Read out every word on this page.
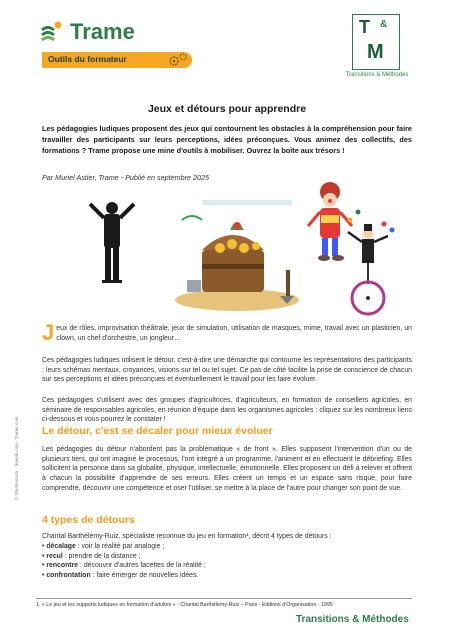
Trame
Outils du formateur
T &
M
Transitions & Méthodes
Jeux et détours pour apprendre
Les pédagogies ludiques proposent des jeux qui contournent les obstacles à la compréhension pour faire travailler des participants sur leurs perceptions, idées préconçues. Vous animez des collectifs, des formations ? Trame propose une mine d'outils à mobiliser. Ouvrez la boîte aux trésors !
Par Muriel Astier, Trame - Publié en septembre 2025
Jeux de rôles, improvisation théâtrale, jeux de simulation, utilisation de masques, mime, travail avec un plasticien, un clown, un chef d'orchestre, un jongleur…
Ces pédagogies ludiques utilisent le détour, c'est-à-dire une démarche qui contourne les représentations des participants : leurs schémas mentaux, croyances, visions sur tel ou tel sujet. Ce pas de côté facilite la prise de conscience de chacun sur ses perceptions et idées préconçues et éventuellement le travail pour les faire évoluer.
Ces pédagogies s'utilisent avec des groupes d'agricultrices, d'agriculteurs, en formation de conseillers agricoles, en séminaire de responsables agricoles, en réunion d'équipe dans les organismes agricoles : cliquez sur les nombreux liens ci-dessous et vous pourrez le constater !
Le détour, c'est se décaler pour mieux évoluer
Les pédagogies du détour n'abordent pas la problématique « de front ». Elles supposent l'intervention d'un ou de plusieurs tiers, qui ont imaginé le processus, l'ont intégré à un programme, l'animent et en effectuent le débriefing. Elles sollicitent la personne dans sa globalité, physique, intellectuelle, émotionnelle. Elles proposent un défi à relever et offrent à chacun la possibilité d'apprendre de ses erreurs. Elles créent un temps et un espace sans risque, pour faire comprendre, découvrir une compétence et oser l'utiliser, se mettre à la place de l'autre pour changer son point de vue.
4 types de détours
Chantal Barthélémy-Ruiz, spécialiste reconnue du jeu en formation¹, décrit 4 types de détours :
• décalage : voir la réalité par analogie ;
• recul : prendre de la distance ;
• rencontre : découvrir d'autres facettes de la réalité ;
• confrontation : faire émerger de nouvelles idées.
© Shutterstock - freepik.com - Trame.com
1. « Le jeu et les supports ludiques en formation d'adultes » - Chantal Barthélémy-Ruiz – Paris - Editions d'Organisation - 1995
Transitions & Méthodes
